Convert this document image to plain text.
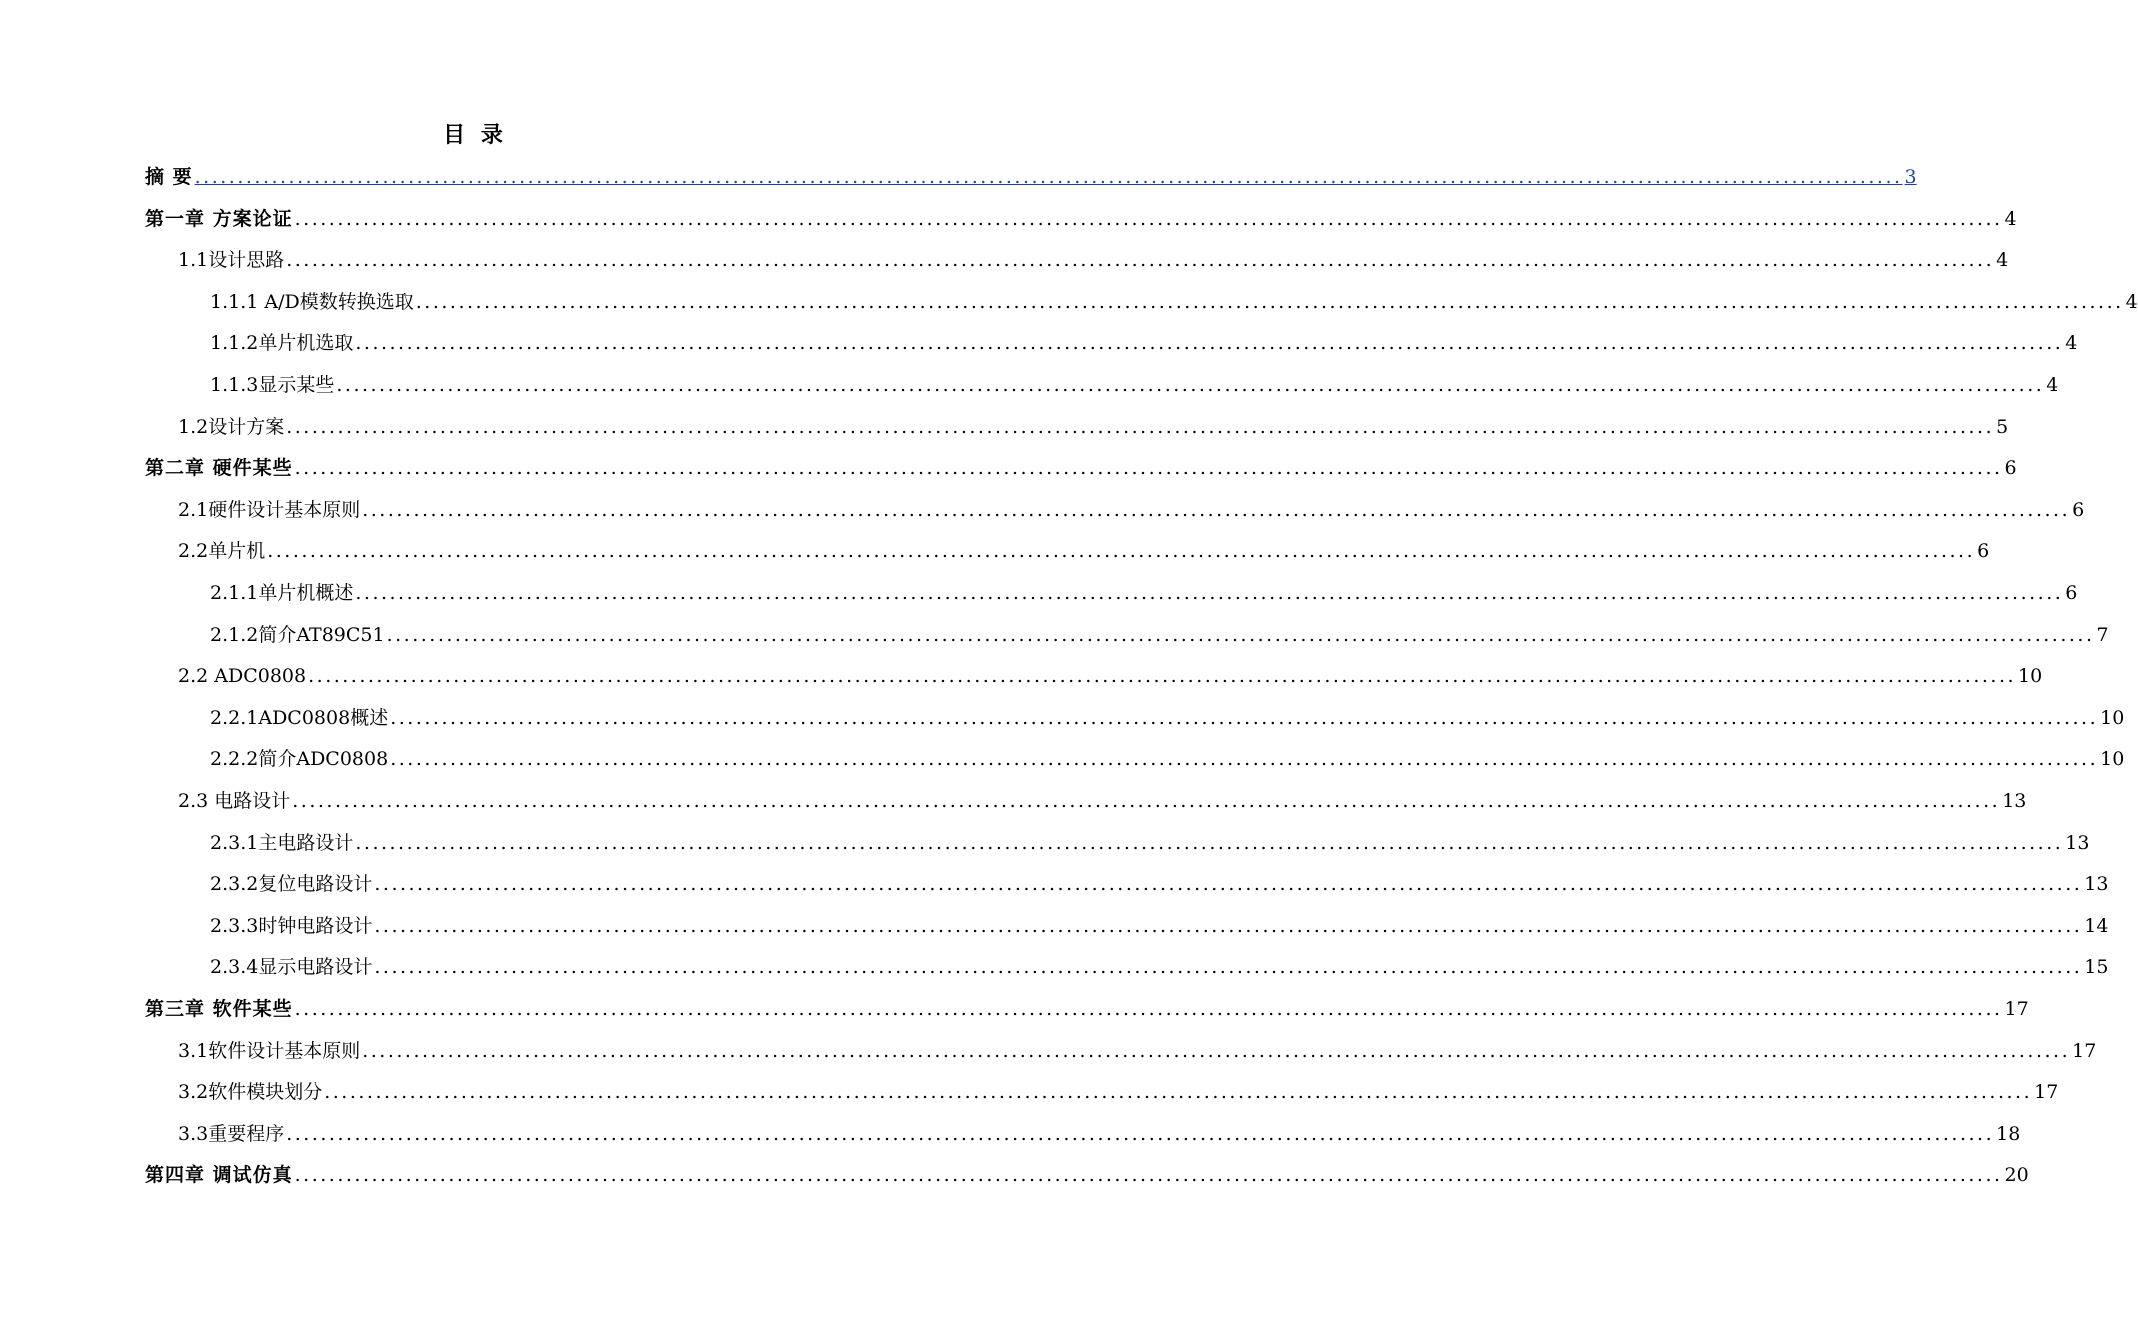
目 录
摘 要 ........................................................................................................................................................................................................ 3
第一章 方案论证 ........................................................................................................................................................................................................ 4
1.1设计思路 ........................................................................................................................................................................................................ 4
1.1.1 A/D模数转换选取 ........................................................................................................................................................................................................ 4
1.1.2单片机选取 ........................................................................................................................................................................................................ 4
1.1.3显示某些 ........................................................................................................................................................................................................ 4
1.2设计方案 ........................................................................................................................................................................................................ 5
第二章 硬件某些 ........................................................................................................................................................................................................ 6
2.1硬件设计基本原则 ........................................................................................................................................................................................................ 6
2.2单片机 ........................................................................................................................................................................................................ 6
2.1.1单片机概述 ........................................................................................................................................................................................................ 6
2.1.2简介AT89C51 ........................................................................................................................................................................................................ 7
2.2 ADC0808 ........................................................................................................................................................................................................ 10
2.2.1ADC0808概述 ........................................................................................................................................................................................................ 10
2.2.2简介ADC0808 ........................................................................................................................................................................................................ 10
2.3 电路设计 ........................................................................................................................................................................................................ 13
2.3.1主电路设计 ........................................................................................................................................................................................................ 13
2.3.2复位电路设计 ........................................................................................................................................................................................................ 13
2.3.3时钟电路设计 ........................................................................................................................................................................................................ 14
2.3.4显示电路设计 ........................................................................................................................................................................................................ 15
第三章 软件某些 ........................................................................................................................................................................................................ 17
3.1软件设计基本原则 ........................................................................................................................................................................................................ 17
3.2软件模块划分 ........................................................................................................................................................................................................ 17
3.3重要程序 ........................................................................................................................................................................................................ 18
第四章 调试仿真 ........................................................................................................................................................................................................ 20
